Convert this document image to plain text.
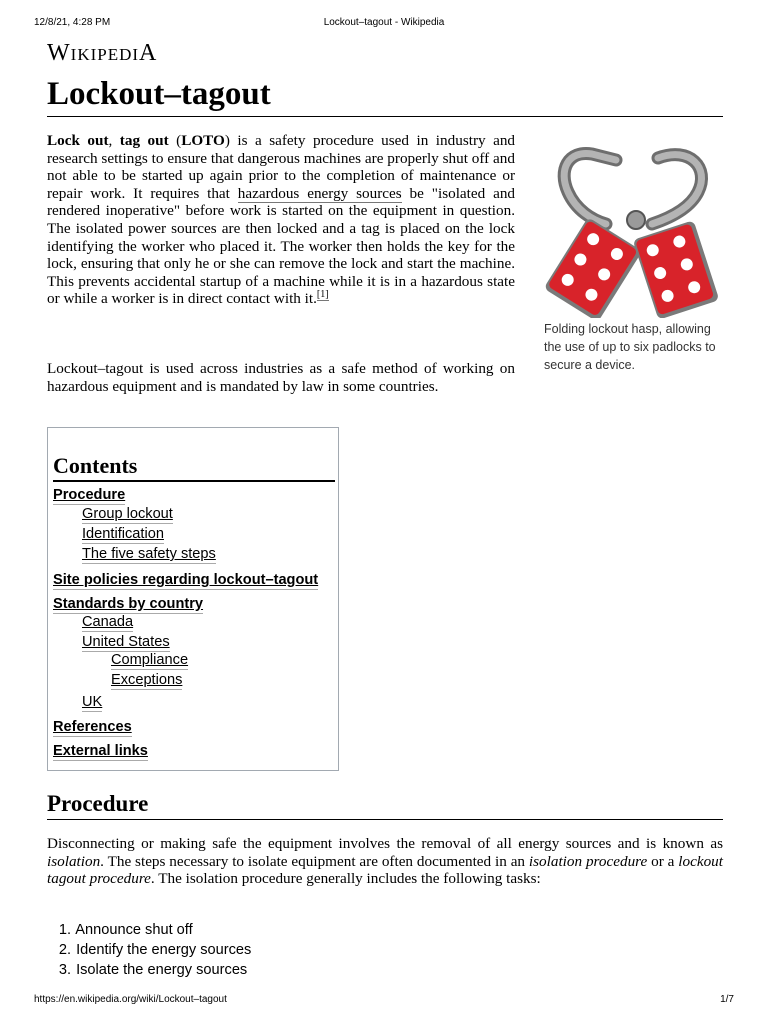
12/8/21, 4:28 PM	Lockout–tagout - Wikipedia
WIKIPEDIA
Lockout–tagout

Lock out, tag out (LOTO) is a safety procedure used in industry and research settings to ensure that dangerous machines are properly shut off and not able to be started up again prior to the completion of maintenance or repair work. It requires that hazardous energy sources be "isolated and rendered inoperative" before work is started on the equipment in question. The isolated power sources are then locked and a tag is placed on the lock identifying the worker who placed it. The worker then holds the key for the lock, ensuring that only he or she can remove the lock and start the machine. This prevents accidental startup of a machine while it is in a hazardous state or while a worker is in direct contact with it.[1]

Lockout–tagout is used across industries as a safe method of working on hazardous equipment and is mandated by law in some countries.

Folding lockout hasp, allowing the use of up to six padlocks to secure a device.
Contents
Procedure
Group lockout
Identification
The five safety steps
Site policies regarding lockout–tagout
Standards by country
Canada
United States
Compliance
Exceptions
UK
References
External links
Procedure

Disconnecting or making safe the equipment involves the removal of all energy sources and is known as isolation. The steps necessary to isolate equipment are often documented in an isolation procedure or a lockout tagout procedure. The isolation procedure generally includes the following tasks:

1. Announce shut off
2. Identify the energy sources
3. Isolate the energy sources
https://en.wikipedia.org/wiki/Lockout–tagout	1/7
